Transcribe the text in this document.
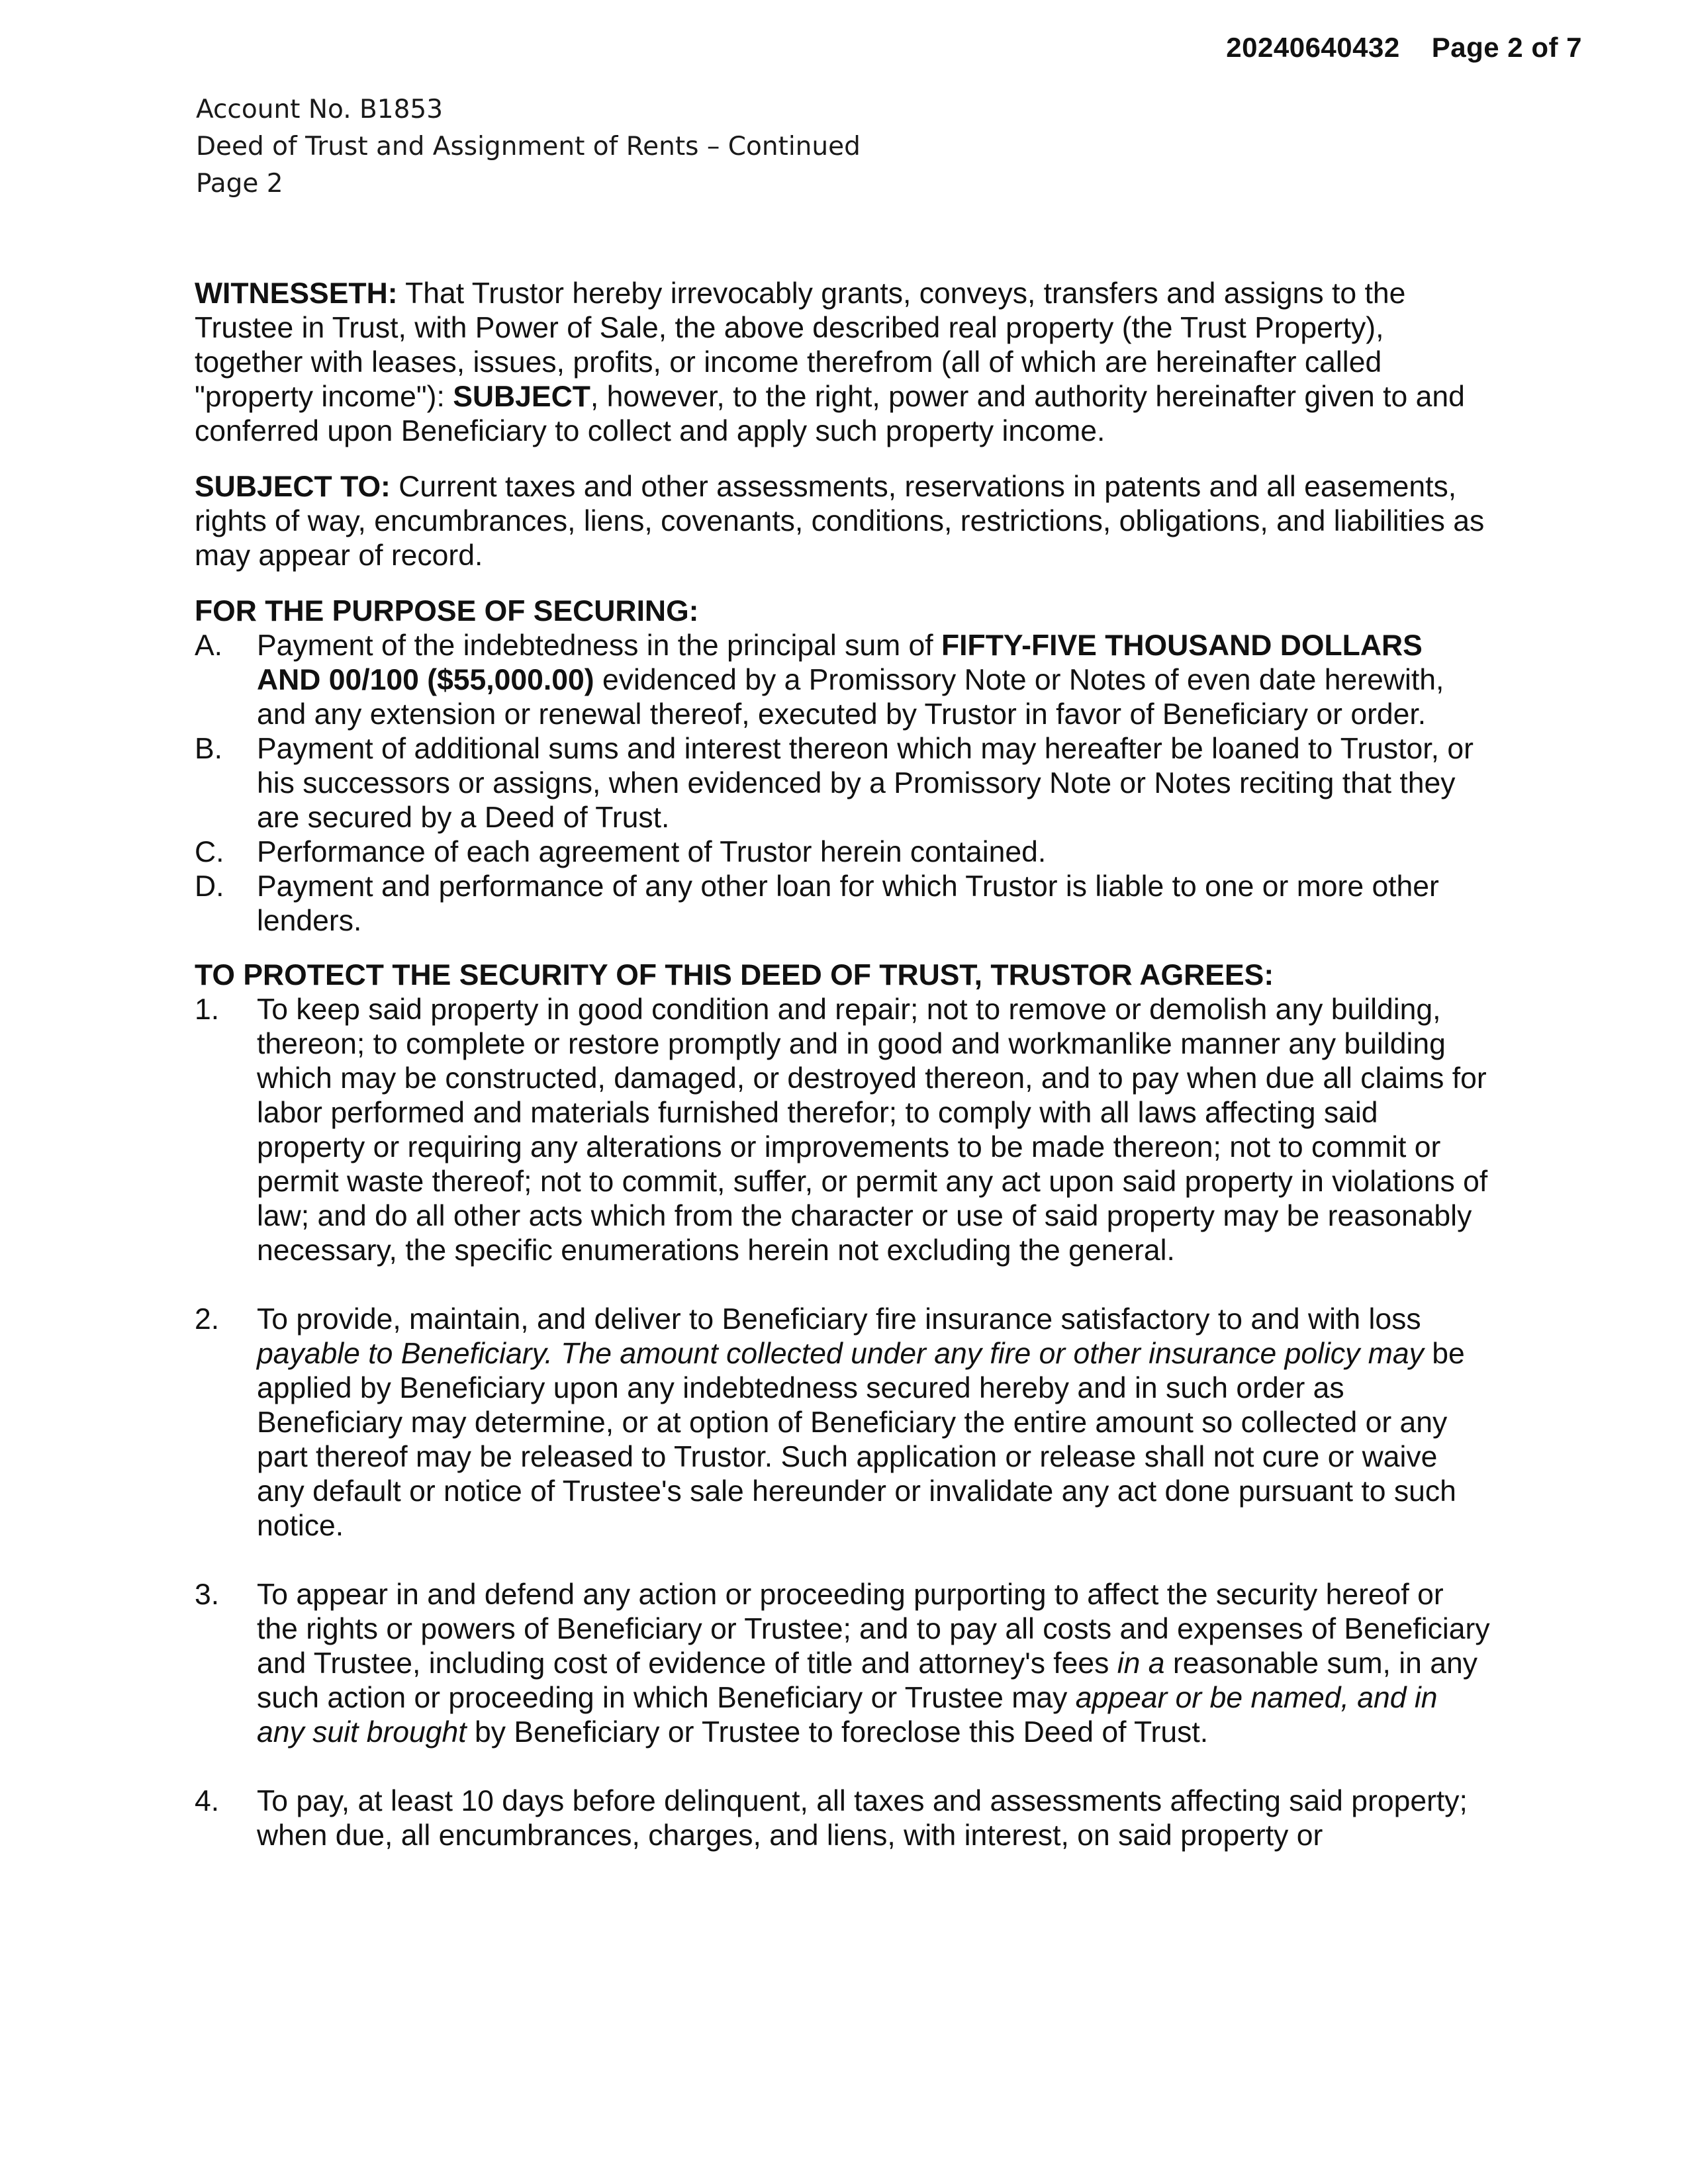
20240640432 Page 2 of 7
Account No. B1853
Deed of Trust and Assignment of Rents – Continued
Page 2

WITNESSETH: That Trustor hereby irrevocably grants, conveys, transfers and assigns to the Trustee in Trust, with Power of Sale, the above described real property (the Trust Property), together with leases, issues, profits, or income therefrom (all of which are hereinafter called "property income"): SUBJECT, however, to the right, power and authority hereinafter given to and conferred upon Beneficiary to collect and apply such property income.

SUBJECT TO: Current taxes and other assessments, reservations in patents and all easements, rights of way, encumbrances, liens, covenants, conditions, restrictions, obligations, and liabilities as may appear of record.

FOR THE PURPOSE OF SECURING:
A. Payment of the indebtedness in the principal sum of FIFTY-FIVE THOUSAND DOLLARS AND 00/100 ($55,000.00) evidenced by a Promissory Note or Notes of even date herewith, and any extension or renewal thereof, executed by Trustor in favor of Beneficiary or order.
B. Payment of additional sums and interest thereon which may hereafter be loaned to Trustor, or his successors or assigns, when evidenced by a Promissory Note or Notes reciting that they are secured by a Deed of Trust.
C. Performance of each agreement of Trustor herein contained.
D. Payment and performance of any other loan for which Trustor is liable to one or more other lenders.
TO PROTECT THE SECURITY OF THIS DEED OF TRUST, TRUSTOR AGREES:
1. To keep said property in good condition and repair; not to remove or demolish any building, thereon; to complete or restore promptly and in good and workmanlike manner any building which may be constructed, damaged, or destroyed thereon, and to pay when due all claims for labor performed and materials furnished therefor; to comply with all laws affecting said property or requiring any alterations or improvements to be made thereon; not to commit or permit waste thereof; not to commit, suffer, or permit any act upon said property in violations of law; and do all other acts which from the character or use of said property may be reasonably necessary, the specific enumerations herein not excluding the general.
2. To provide, maintain, and deliver to Beneficiary fire insurance satisfactory to and with loss payable to Beneficiary. The amount collected under any fire or other insurance policy may be applied by Beneficiary upon any indebtedness secured hereby and in such order as Beneficiary may determine, or at option of Beneficiary the entire amount so collected or any part thereof may be released to Trustor. Such application or release shall not cure or waive any default or notice of Trustee's sale hereunder or invalidate any act done pursuant to such notice.
3. To appear in and defend any action or proceeding purporting to affect the security hereof or the rights or powers of Beneficiary or Trustee; and to pay all costs and expenses of Beneficiary and Trustee, including cost of evidence of title and attorney's fees in a reasonable sum, in any such action or proceeding in which Beneficiary or Trustee may appear or be named, and in any suit brought by Beneficiary or Trustee to foreclose this Deed of Trust.
4. To pay, at least 10 days before delinquent, all taxes and assessments affecting said property; when due, all encumbrances, charges, and liens, with interest, on said property or
